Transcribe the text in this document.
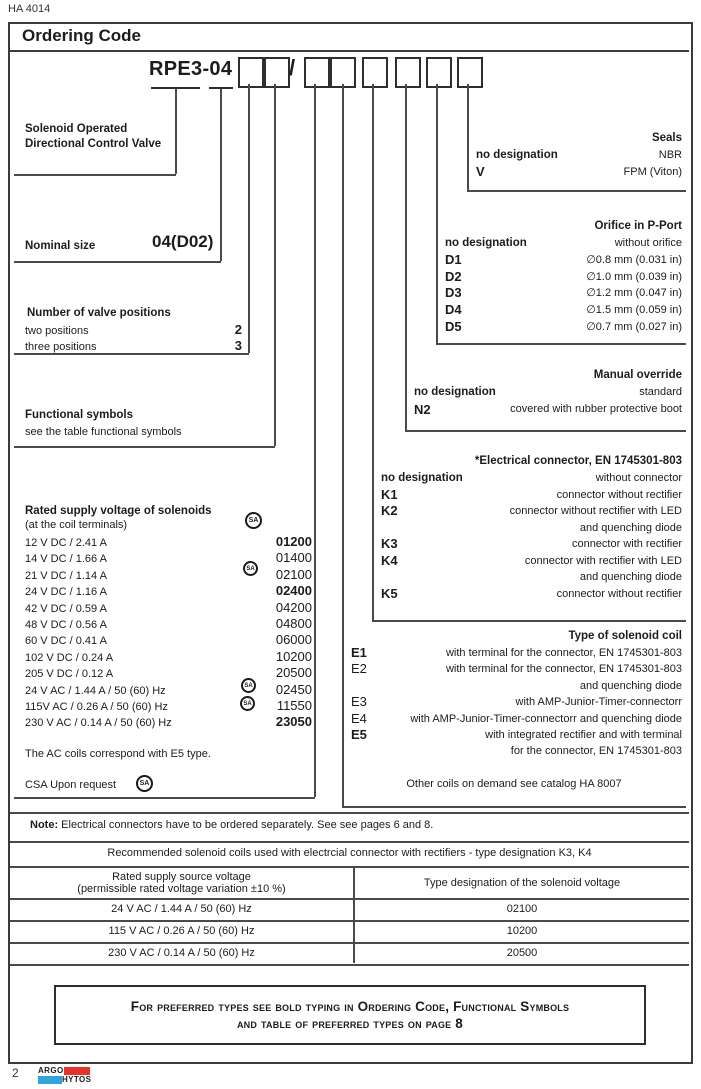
HA 4014
Ordering Code
RPE3-04	/
Solenoid Operated
Directional Control Valve
Nominal size	04(D02)
Number of valve positions
two positions	2
three positions	3
Functional symbols
see the table functional symbols
Rated supply voltage of solenoids
(at the coil terminals)
12 V DC / 2.41 A	01200
14 V DC / 1.66 A	01400
21 V DC / 1.14 A	02100
24 V DC / 1.16 A	02400
42 V DC / 0.59 A	04200
48 V DC / 0.56 A	04800
60 V DC / 0.41 A	06000
102 V DC / 0.24 A	10200
205 V DC / 0.12 A	20500
24 V AC / 1.44 A / 50 (60) Hz	02450
115V AC / 0.26 A / 50 (60) Hz	11550
230 V AC / 0.14 A / 50 (60) Hz	23050
The AC coils correspond with E5 type.
CSA Upon request
SA
SA
SA
SA
SA
Seals
no designation	NBR
V	FPM (Viton)
Orifice in P-Port
no designation	without orifice
D1	∅0.8 mm (0.031 in)
D2	∅1.0 mm (0.039 in)
D3	∅1.2 mm (0.047 in)
D4	∅1.5 mm (0.059 in)
D5	∅0.7 mm (0.027 in)
Manual override
no designation	standard
N2	covered with rubber protective boot
*Electrical connector, EN 1745301-803
no designation	without connector
K1	connector without rectifier
K2	connector without rectifier with LED
and quenching diode
K3	connector with rectifier
K4	connector with rectifier with LED
and quenching diode
K5	connector without rectifier
Type of solenoid coil
E1	with terminal for the connector, EN 1745301-803
E2	with terminal for the connector, EN 1745301-803
and quenching diode
E3	with AMP-Junior-Timer-connectorr
E4	with AMP-Junior-Timer-connectorr and quenching diode
E5	with integrated rectifier and with terminal
for the connector, EN 1745301-803
Other coils on demand see catalog HA 8007
Note: Electrical connectors have to be ordered separately. See see pages 6 and 8.
Recommended solenoid coils used with electrcial connector with rectifiers - type designation K3, K4
Rated supply source voltage
(permissible rated voltage variation ±10 %)	Type designation of the solenoid voltage
24 V AC / 1.44 A / 50 (60) Hz	02100
115 V AC / 0.26 A / 50 (60) Hz	10200
230 V AC / 0.14 A / 50 (60) Hz	20500
For preferred types see bold typing in Ordering Code, Functional Symbols
and table of preferred types on page 8
2 ARGO
HYTOS
